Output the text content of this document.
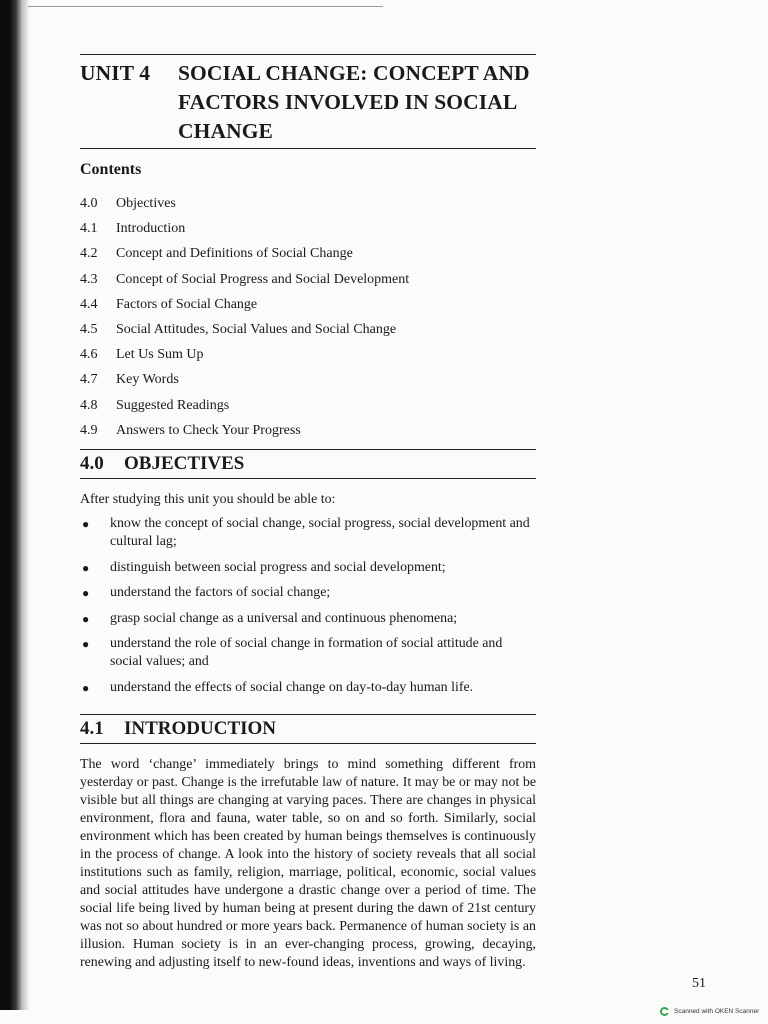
UNIT 4	SOCIAL CHANGE: CONCEPT AND FACTORS INVOLVED IN SOCIAL CHANGE
Contents
4.0	Objectives
4.1	Introduction
4.2	Concept and Definitions of Social Change
4.3	Concept of Social Progress and Social Development
4.4	Factors of Social Change
4.5	Social Attitudes, Social Values and Social Change
4.6	Let Us Sum Up
4.7	Key Words
4.8	Suggested Readings
4.9	Answers to Check Your Progress
4.0	OBJECTIVES
After studying this unit you should be able to:
●	know the concept of social change, social progress, social development and cultural lag;
●	distinguish between social progress and social development;
●	understand the factors of social change;
●	grasp social change as a universal and continuous phenomena;
●	understand the role of social change in formation of social attitude and social values; and
●	understand the effects of social change on day-to-day human life.
4.1	INTRODUCTION
The word ‘change’ immediately brings to mind something different from yesterday or past. Change is the irrefutable law of nature. It may be or may not be visible but all things are changing at varying paces. There are changes in physical environment, flora and fauna, water table, so on and so forth. Similarly, social environment which has been created by human beings themselves is continuously in the process of change. A look into the history of society reveals that all social institutions such as family, religion, marriage, political, economic, social values and social attitudes have undergone a drastic change over a period of time. The social life being lived by human being at present during the dawn of 21st century was not so about hundred or more years back. Permanence of human society is an illusion. Human society is in an ever-changing process, growing, decaying, renewing and adjusting itself to new-found ideas, inventions and ways of living.
51
Scanned with OKEN Scanner
